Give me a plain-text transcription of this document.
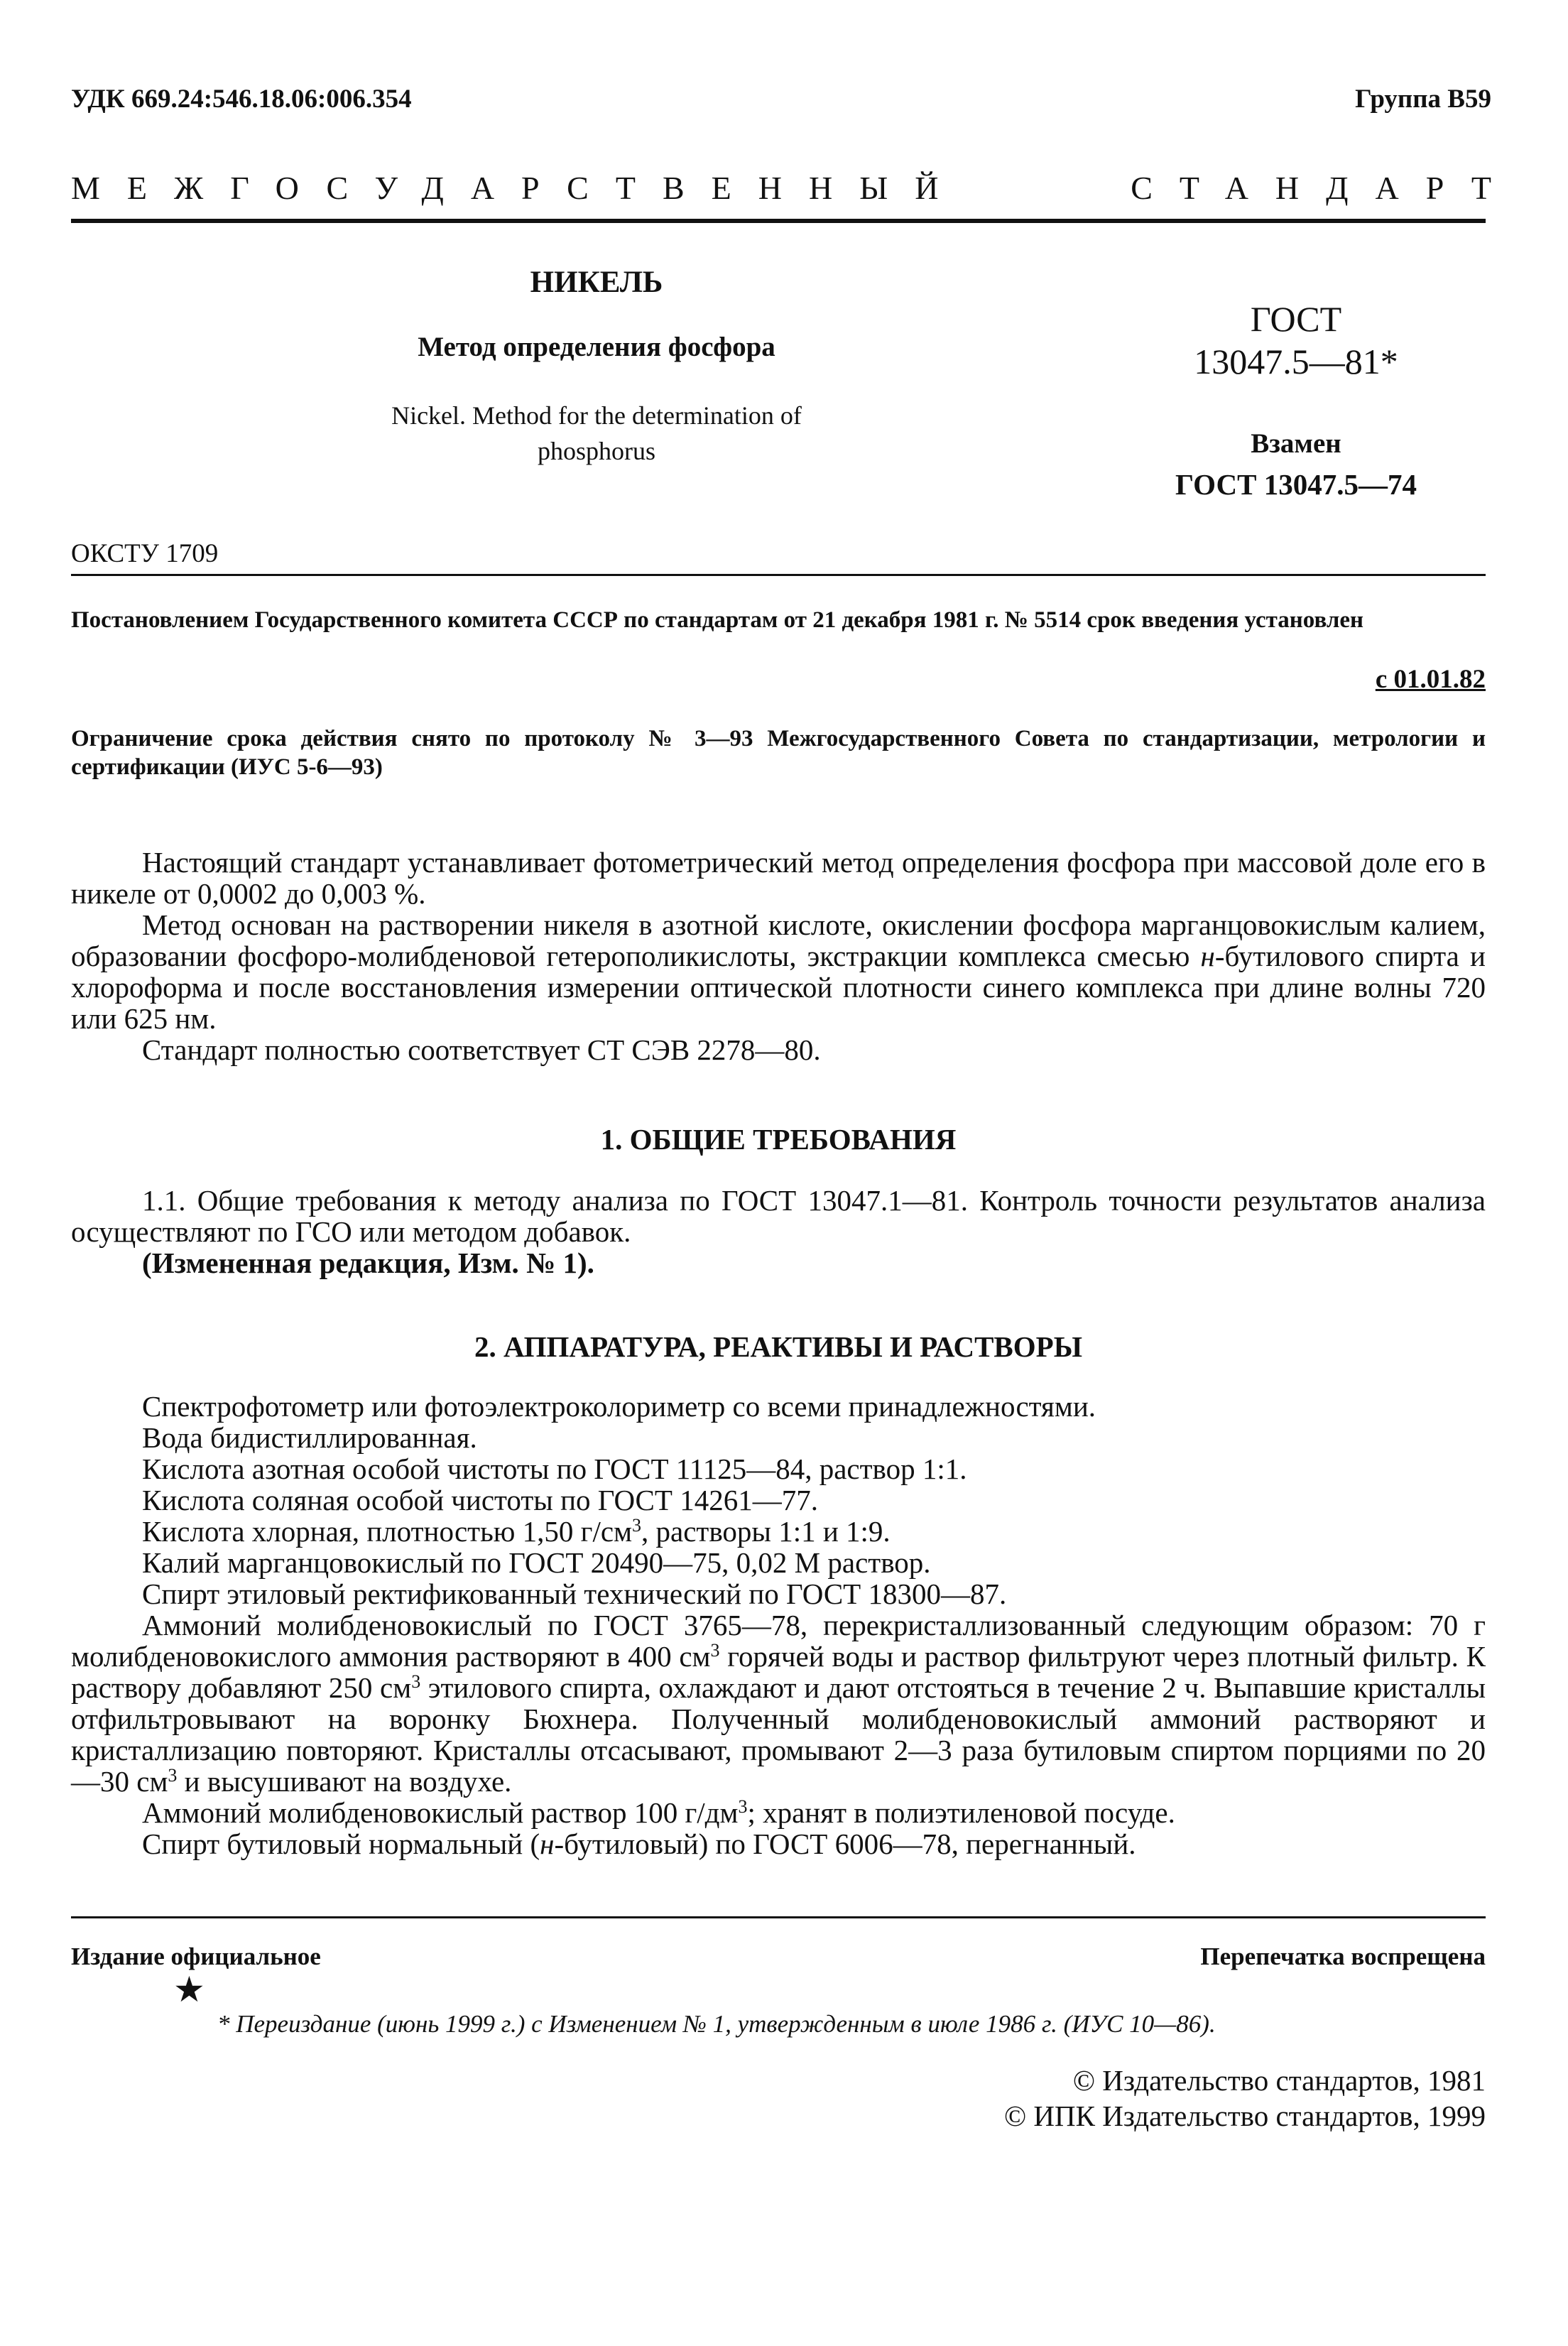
УДК 669.24:546.18.06:006.354	Группа В59
МЕЖГОСУДАРСТВЕННЫЙ	СТАНДАРТ
НИКЕЛЬ
Метод определения фосфора
Nickel. Method for the determination of phosphorus
ГОСТ
13047.5—81*
Взамен
ГОСТ 13047.5—74
ОКСТУ 1709
Постановлением Государственного комитета СССР по стандартам от 21 декабря 1981 г. № 5514 срок введения установлен
с 01.01.82
Ограничение срока действия снято по протоколу № 3—93 Межгосударственного Совета по стандартизации, метрологии и сертификации (ИУС 5-6—93)

Настоящий стандарт устанавливает фотометрический метод определения фосфора при массовой доле его в никеле от 0,0002 до 0,003 %.

Метод основан на растворении никеля в азотной кислоте, окислении фосфора марганцовокислым калием, образовании фосфоро-молибденовой гетерополикислоты, экстракции комплекса смесью н-бутилового спирта и хлороформа и после восстановления измерении оптической плотности синего комплекса при длине волны 720 или 625 нм.

Стандарт полностью соответствует СТ СЭВ 2278—80.

1. ОБЩИЕ ТРЕБОВАНИЯ

1.1. Общие требования к методу анализа по ГОСТ 13047.1—81. Контроль точности результатов анализа осуществляют по ГСО или методом добавок.

(Измененная редакция, Изм. № 1).

2. АППАРАТУРА, РЕАКТИВЫ И РАСТВОРЫ

Спектрофотометр или фотоэлектроколориметр со всеми принадлежностями.

Вода бидистиллированная.

Кислота азотная особой чистоты по ГОСТ 11125—84, раствор 1:1.

Кислота соляная особой чистоты по ГОСТ 14261—77.

Кислота хлорная, плотностью 1,50 $г/см^3$, растворы 1:1 и 1:9.

Калий марганцовокислый по ГОСТ 20490—75, 0,02 М раствор.

Спирт этиловый ректификованный технический по ГОСТ 18300—87.

Аммоний молибденовокислый по ГОСТ 3765—78, перекристаллизованный следующим образом: 70 г молибденовокислого аммония растворяют в 400 $см^3$ горячей воды и раствор фильтруют через плотный фильтр. К раствору добавляют 250 $см^3$ этилового спирта, охлаждают и дают отстояться в течение 2 ч. Выпавшие кристаллы отфильтровывают на воронку Бюхнера. Полученный молибденовокислый аммоний растворяют и кристаллизацию повторяют. Кристаллы отсасывают, промывают 2—3 раза бутиловым спиртом порциями по 20—30 $см^3$ и высушивают на воздухе.

Аммоний молибденовокислый раствор 100 $г/дм^3$; хранят в полиэтиленовой посуде.

Спирт бутиловый нормальный (н-бутиловый) по ГОСТ 6006—78, перегнанный.

Издание официальное	Перепечатка воспрещена
★
* Переиздание (июнь 1999 г.) с Изменением № 1, утвержденным в июле 1986 г. (ИУС 10—86).
© Издательство стандартов, 1981
© ИПК Издательство стандартов, 1999
